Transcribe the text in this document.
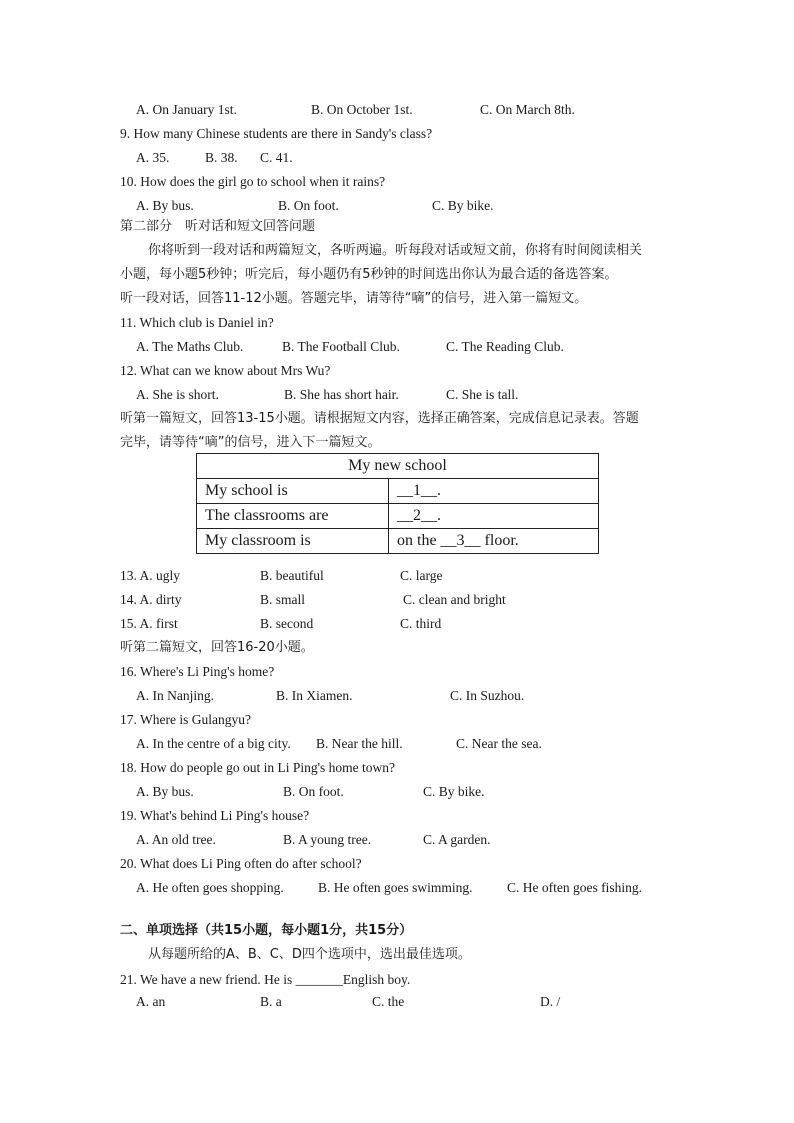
A. On January 1st.	B. On October 1st.	C. On March 8th.
9. How many Chinese students are there in Sandy's class?
A. 35.	B. 38. C. 41.
10. How does the girl go to school when it rains?
A. By bus.	B. On foot.	C. By bike.
第二部分　听对话和短文回答问题
你将听到一段对话和两篇短文，各听两遍。听每段对话或短文前，你将有时间阅读相关
小题，每小题5秒钟；听完后，每小题仍有5秒钟的时间选出你认为最合适的备选答案。
听一段对话，回答11-12小题。答题完毕，请等待“嘀”的信号，进入第一篇短文。
11. Which club is Daniel in?
A. The Maths Club.	B. The Football Club.	C. The Reading Club.
12. What can we know about Mrs Wu?
A. She is short.	B. She has short hair.	C. She is tall.
听第一篇短文，回答13-15小题。请根据短文内容，选择正确答案，完成信息记录表。答题
完毕，请等待“嘀”的信号，进入下一篇短文。
My new school	
My school is	__1__.
The classrooms are	__2__.
My classroom is	on the __3__ floor.
13. A. ugly	B. beautiful	C. large
14. A. dirty	B. small	C. clean and bright
15. A. first	B. second	C. third
听第二篇短文，回答16-20小题。
16. Where's Li Ping's home?
A. In Nanjing.	B. In Xiamen.	C. In Suzhou.
17. Where is Gulangyu?
A. In the centre of a big city. B. Near the hill.	C. Near the sea.
18. How do people go out in Li Ping's home town?
A. By bus.	B. On foot.	C. By bike.
19. What's behind Li Ping's house?
A. An old tree.	B. A young tree.	C. A garden.
20. What does Li Ping often do after school?
A. He often goes shopping.	B. He often goes swimming.	C. He often goes fishing.
二、单项选择（共15小题，每小题1分，共15分）
从每题所给的A、B、C、D四个选项中，选出最佳选项。
21. We have a new friend. He is _______English boy.
A. an	B. a	C. the	D. /
